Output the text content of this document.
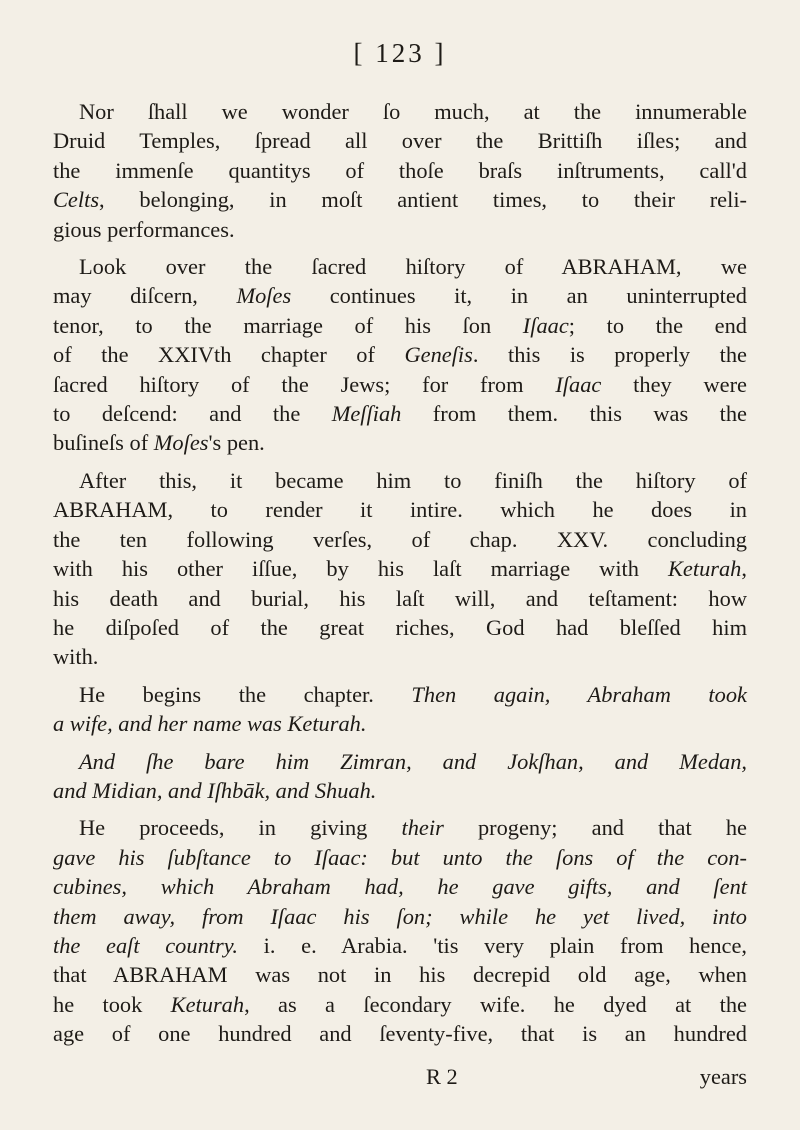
[ 123 ]
Nor ſhall we wonder ſo much, at the innumerable
Druid Temples, ſpread all over the Brittiſh iſles; and
the immenſe quantitys of thoſe braſs inſtruments, call'd
Celts, belonging, in moſt antient times, to their reli-
gious performances.
Look over the ſacred hiſtory of ABRAHAM, we
may diſcern, Moſes continues it, in an uninterrupted
tenor, to the marriage of his ſon Iſaac; to the end
of the XXIVth chapter of Geneſis. this is properly the
ſacred hiſtory of the Jews; for from Iſaac they were
to deſcend: and the Meſſiah from them. this was the
buſineſs of Moſes's pen.
After this, it became him to finiſh the hiſtory of
ABRAHAM, to render it intire. which he does in
the ten following verſes, of chap. XXV. concluding
with his other iſſue, by his laſt marriage with Keturah,
his death and burial, his laſt will, and teſtament: how
he diſpoſed of the great riches, God had bleſſed him
with.
He begins the chapter. Then again, Abraham took
a wife, and her name was Keturah.
And ſhe bare him Zimran, and Jokſhan, and Medan,
and Midian, and Iſhbāk, and Shuah.
He proceeds, in giving their progeny; and that he
gave his ſubſtance to Iſaac: but unto the ſons of the con-
cubines, which Abraham had, he gave gifts, and ſent
them away, from Iſaac his ſon; while he yet lived, into
the eaſt country. i. e. Arabia. 'tis very plain from hence,
that ABRAHAM was not in his decrepid old age, when
he took Keturah, as a ſecondary wife. he dyed at the
age of one hundred and ſeventy-five, that is an hundred
R 2	years
